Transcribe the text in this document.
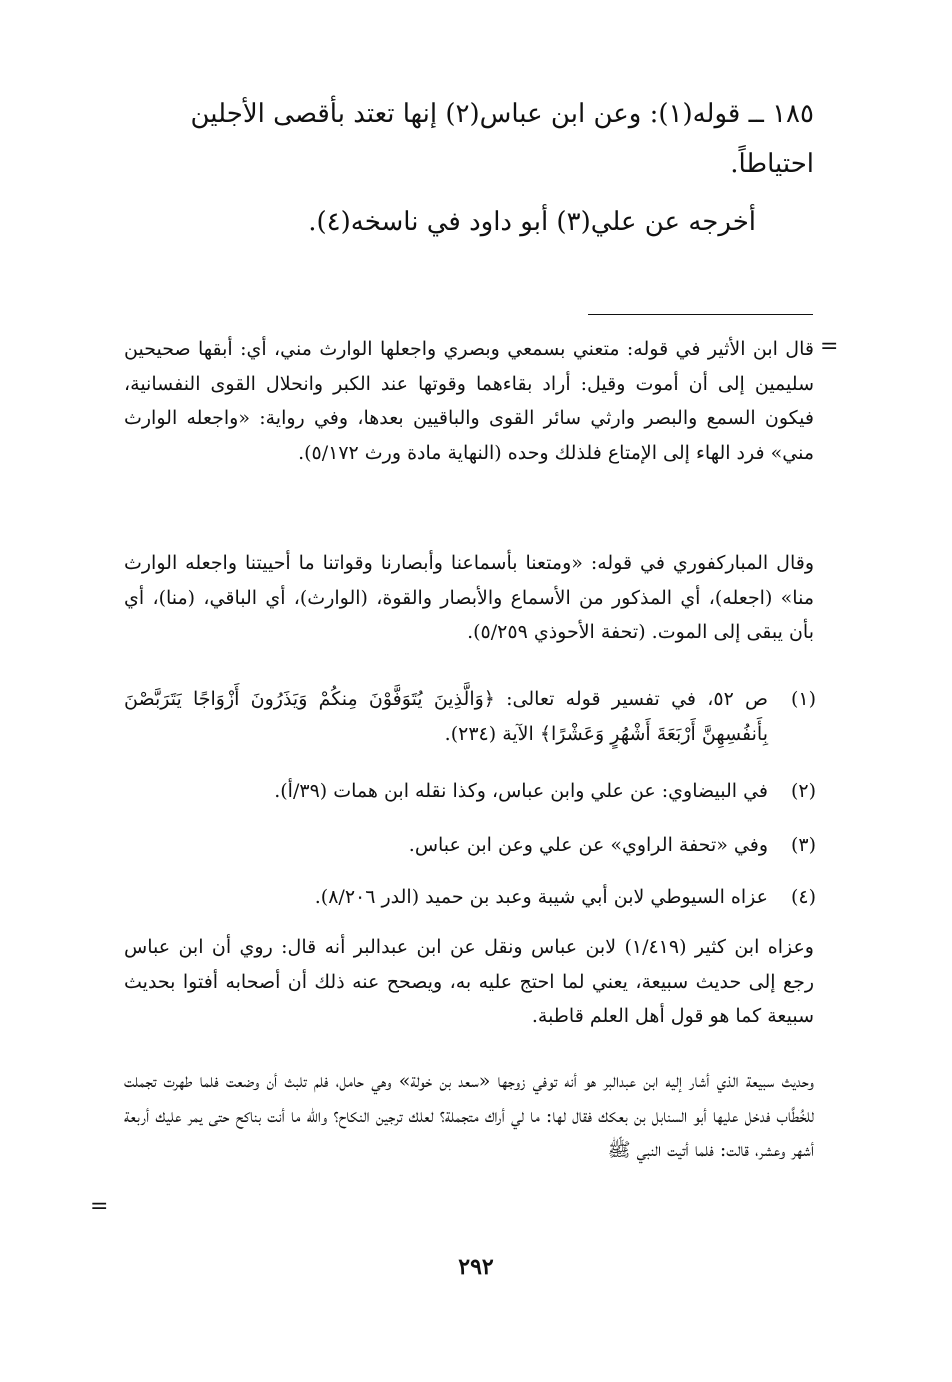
١٨٥ ــ قوله(١): وعن ابن عباس(٢) إنها تعتد بأقصى الأجلين
احتياطاً.
أخرجه عن علي(٣) أبو داود في ناسخه(٤).
=
قال ابن الأثير في قوله: متعني بسمعي وبصري واجعلها الوارث مني، أي: أبقها صحيحين سليمين إلى أن أموت وقيل: أراد بقاءهما وقوتها عند الكبر وانحلال القوى النفسانية، فيكون السمع والبصر وارثي سائر القوى والباقيين بعدها، وفي رواية: «واجعله الوارث مني» فرد الهاء إلى الإمتاع فلذلك وحده (النهاية مادة ورث ٥/١٧٢).
وقال المباركفوري في قوله: «ومتعنا بأسماعنا وأبصارنا وقواتنا ما أحييتنا واجعله الوارث منا» (اجعله)، أي المذكور من الأسماع والأبصار والقوة، (الوارث)، أي الباقي، (منا)، أي بأن يبقى إلى الموت. (تحفة الأحوذي ٥/٢٥٩).
(١)
ص ٥٢، في تفسير قوله تعالى: ﴿وَالَّذِينَ يُتَوَفَّوْنَ مِنكُمْ وَيَذَرُونَ أَزْوَاجًا يَتَرَبَّصْنَ بِأَنفُسِهِنَّ أَرْبَعَةَ أَشْهُرٍ وَعَشْرًا﴾ الآية (٢٣٤).
(٢)
في البيضاوي: عن علي وابن عباس، وكذا نقله ابن همات (٣٩/أ).
(٣)
وفي «تحفة الراوي» عن علي وعن ابن عباس.
(٤)
عزاه السيوطي لابن أبي شيبة وعبد بن حميد (الدر ٨/٢٠٦).
وعزاه ابن كثير (١/٤١٩) لابن عباس ونقل عن ابن عبدالبر أنه قال: روي أن ابن عباس رجع إلى حديث سبيعة، يعني لما احتج عليه به، ويصحح عنه ذلك أن أصحابه أفتوا بحديث سبيعة كما هو قول أهل العلم قاطبة.
وحديث سبيعة الذي أشار إليه ابن عبدالبر هو أنه توفي زوجها «سعد بن خولة» وهي حامل، فلم تلبث أن وضعت فلما طهرت تجملت للخُطَّاب فدخل عليها أبو السنابل بن بعكك فقال لها: ما لي أراك متجملة؟ لعلك ترجين النكاح؟ والله ما أنت بناكح حتى يمر عليك أربعة أشهر وعشر، قالت: فلما أتيت النبي ﷺ
=
٢٩٢
